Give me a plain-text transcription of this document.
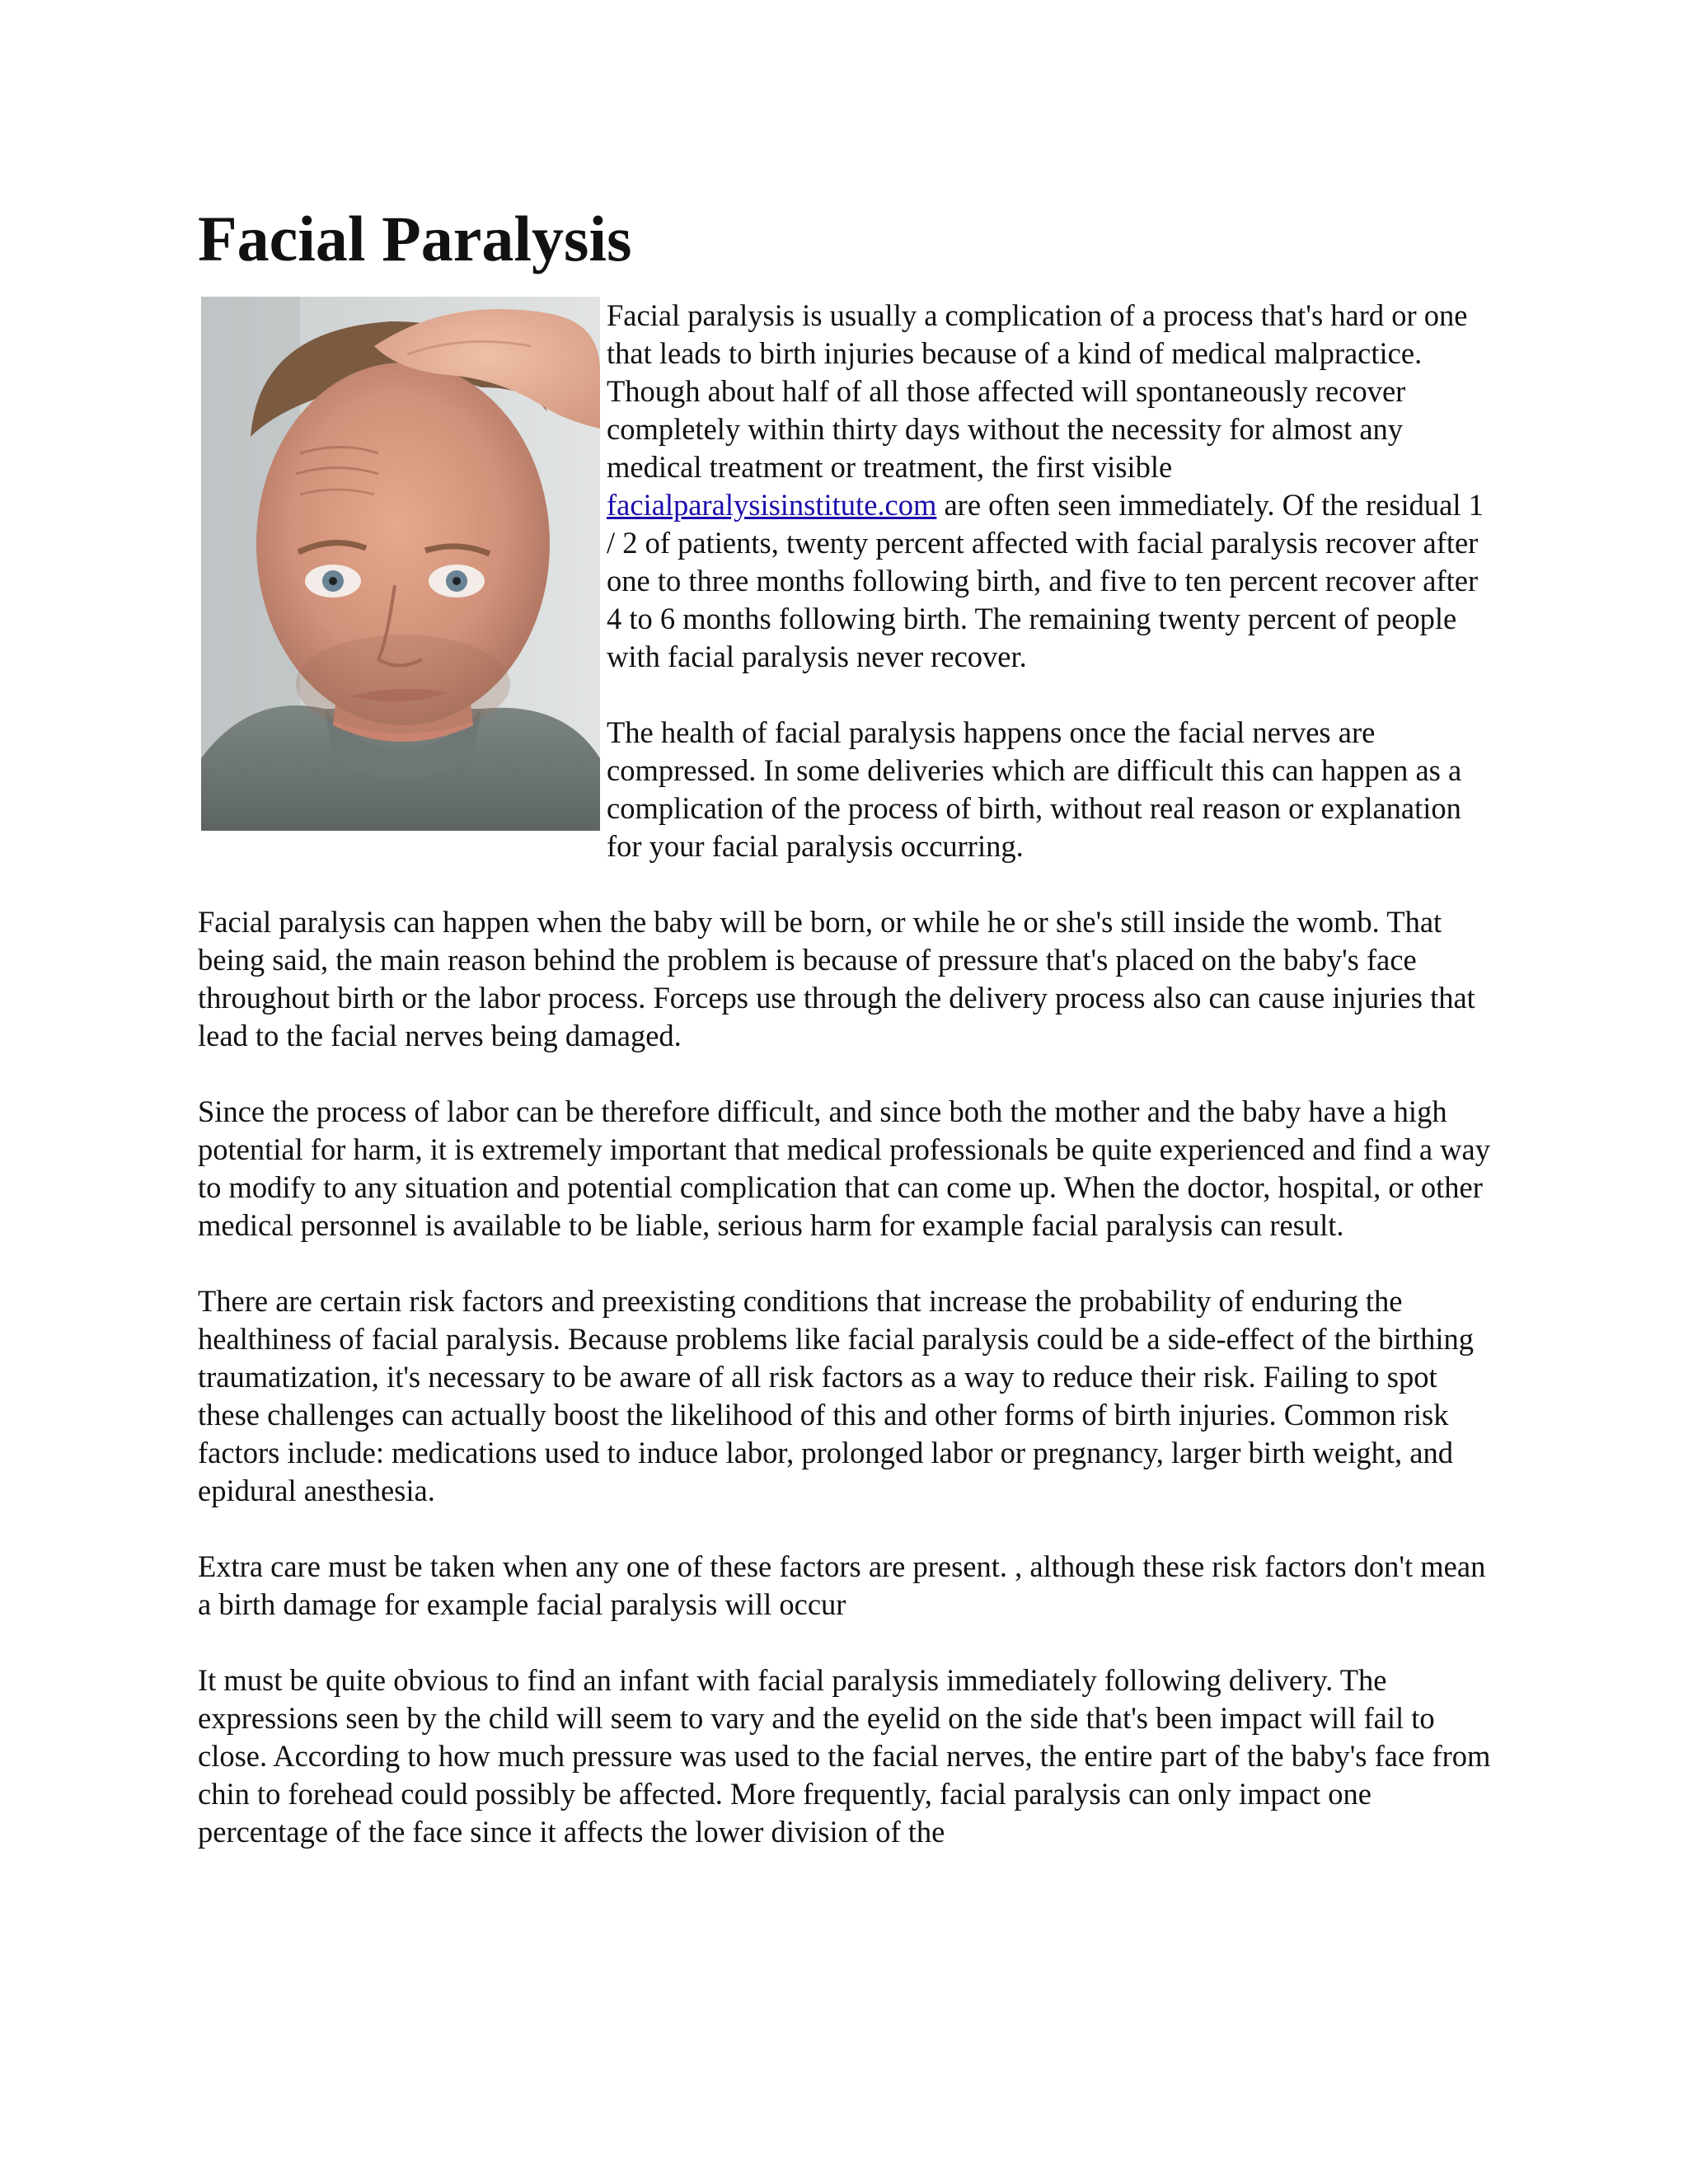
Facial Paralysis

Facial paralysis is usually a complication of a process that's hard or one that leads to birth injuries because of a kind of medical malpractice. Though about half of all those affected will spontaneously recover completely within thirty days without the necessity for almost any medical treatment or treatment, the first visible facialparalysisinstitute.com are often seen immediately. Of the residual 1 / 2 of patients, twenty percent affected with facial paralysis recover after one to three months following birth, and five to ten percent recover after 4 to 6 months following birth. The remaining twenty percent of people with facial paralysis never recover.

The health of facial paralysis happens once the facial nerves are compressed. In some deliveries which are difficult this can happen as a complication of the process of birth, without real reason or explanation for your facial paralysis occurring.

Facial paralysis can happen when the baby will be born, or while he or she's still inside the womb. That being said, the main reason behind the problem is because of pressure that's placed on the baby's face throughout birth or the labor process. Forceps use through the delivery process also can cause injuries that lead to the facial nerves being damaged.

Since the process of labor can be therefore difficult, and since both the mother and the baby have a high potential for harm, it is extremely important that medical professionals be quite experienced and find a way to modify to any situation and potential complication that can come up. When the doctor, hospital, or other medical personnel is available to be liable, serious harm for example facial paralysis can result.

There are certain risk factors and preexisting conditions that increase the probability of enduring the healthiness of facial paralysis. Because problems like facial paralysis could be a side-effect of the birthing traumatization, it's necessary to be aware of all risk factors as a way to reduce their risk. Failing to spot these challenges can actually boost the likelihood of this and other forms of birth injuries. Common risk factors include: medications used to induce labor, prolonged labor or pregnancy, larger birth weight, and epidural anesthesia.

Extra care must be taken when any one of these factors are present. , although these risk factors don't mean a birth damage for example facial paralysis will occur

It must be quite obvious to find an infant with facial paralysis immediately following delivery. The expressions seen by the child will seem to vary and the eyelid on the side that's been impact will fail to close. According to how much pressure was used to the facial nerves, the entire part of the baby's face from chin to forehead could possibly be affected. More frequently, facial paralysis can only impact one percentage of the face since it affects the lower division of the
